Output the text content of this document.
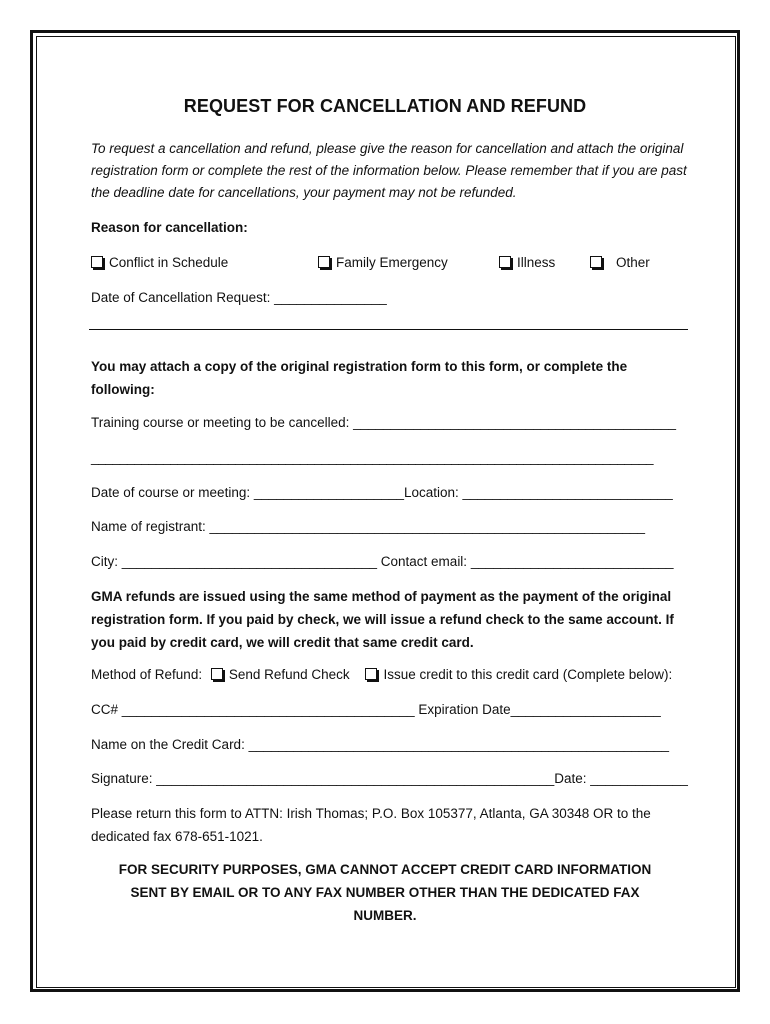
REQUEST FOR CANCELLATION AND REFUND
To request a cancellation and refund, please give the reason for cancellation and attach the original registration form or complete the rest of the information below. Please remember that if you are past the deadline date for cancellations, your payment may not be refunded.
Reason for cancellation:
Conflict in Schedule	Family Emergency	Illness	Other
Date of Cancellation Request: _______________
You may attach a copy of the original registration form to this form, or complete the following:
Training course or meeting to be cancelled: ___________________________________________
______________________________________________________________________________
Date of course or meeting: ____________________Location: ____________________________
Name of registrant: __________________________________________________________
City: __________________________________ Contact email: ___________________________
GMA refunds are issued using the same method of payment as the payment of the original registration form. If you paid by check, we will issue a refund check to the same account. If you paid by credit card, we will credit that same credit card.
Method of Refund: Send Refund Check	Issue credit to this credit card (Complete below):
CC# _______________________________________ Expiration Date____________________
Name on the Credit Card: ________________________________________________________
Signature: _____________________________________________________Date: _____________
Please return this form to ATTN: Irish Thomas; P.O. Box 105377, Atlanta, GA 30348 OR to the dedicated fax 678-651-1021.
FOR SECURITY PURPOSES, GMA CANNOT ACCEPT CREDIT CARD INFORMATION SENT BY EMAIL OR TO ANY FAX NUMBER OTHER THAN THE DEDICATED FAX NUMBER.
